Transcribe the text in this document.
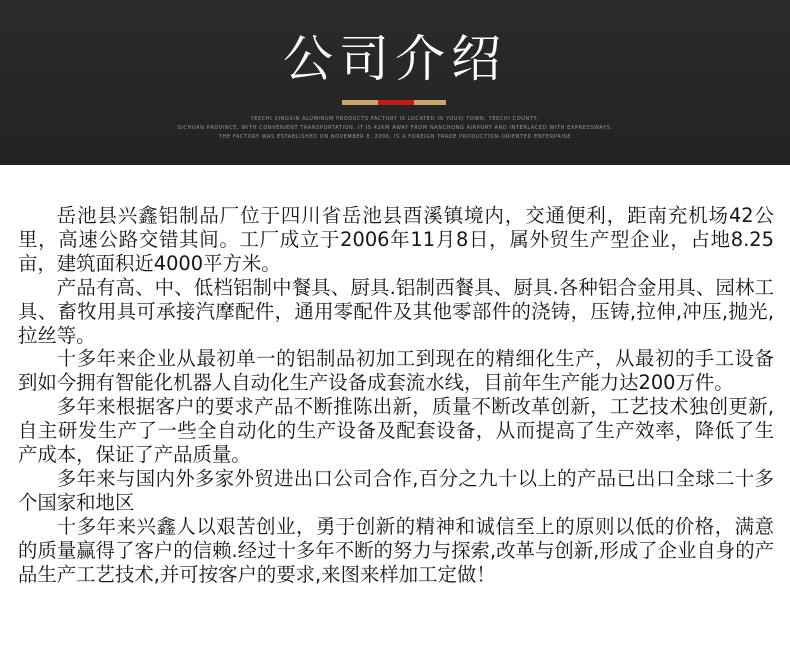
公司介绍
YEECHI XINGXIN ALUMINUM PRODUCTS FACTORY IS LOCATED IN YOUXI TOWN, YEECHI COUNTY,
SICHUAN PROVINCE, WITH CONVENIENT TRANSPORTATION. IT IS 42KM AWAY FROM NANCHONG AIRPORT AND INTERLACED WITH EXPRESSWAYS.
THE FACTORY WAS ESTABLISHED ON NOVEMBER 8, 2006, IS A FOREIGN TRADE PRODUCTION-ORIENTED ENTERPRISE

岳池县兴鑫铝制品厂位于四川省岳池县酉溪镇境内，交通便利，距南充机场42公里，高速公路交错其间。工厂成立于2006年11月8日，属外贸生产型企业，占地8.25亩，建筑面积近4000平方米。

产品有高、中、低档铝制中餐具、厨具.铝制西餐具、厨具.各种铝合金用具、园林工具、畜牧用具可承接汽摩配件，通用零配件及其他零部件的浇铸，压铸,拉伸,冲压,抛光,拉丝等。

十多年来企业从最初单一的铝制品初加工到现在的精细化生产，从最初的手工设备到如今拥有智能化机器人自动化生产设备成套流水线，目前年生产能力达200万件。

多年来根据客户的要求产品不断推陈出新，质量不断改革创新，工艺技术独创更新,自主研发生产了一些全自动化的生产设备及配套设备，从而提高了生产效率，降低了生产成本，保证了产品质量。

多年来与国内外多家外贸进出口公司合作,百分之九十以上的产品已出口全球二十多个国家和地区

十多年来兴鑫人以艰苦创业，勇于创新的精神和诚信至上的原则以低的价格，满意的质量赢得了客户的信赖.经过十多年不断的努力与探索,改革与创新,形成了企业自身的产品生产工艺技术,并可按客户的要求,来图来样加工定做！
